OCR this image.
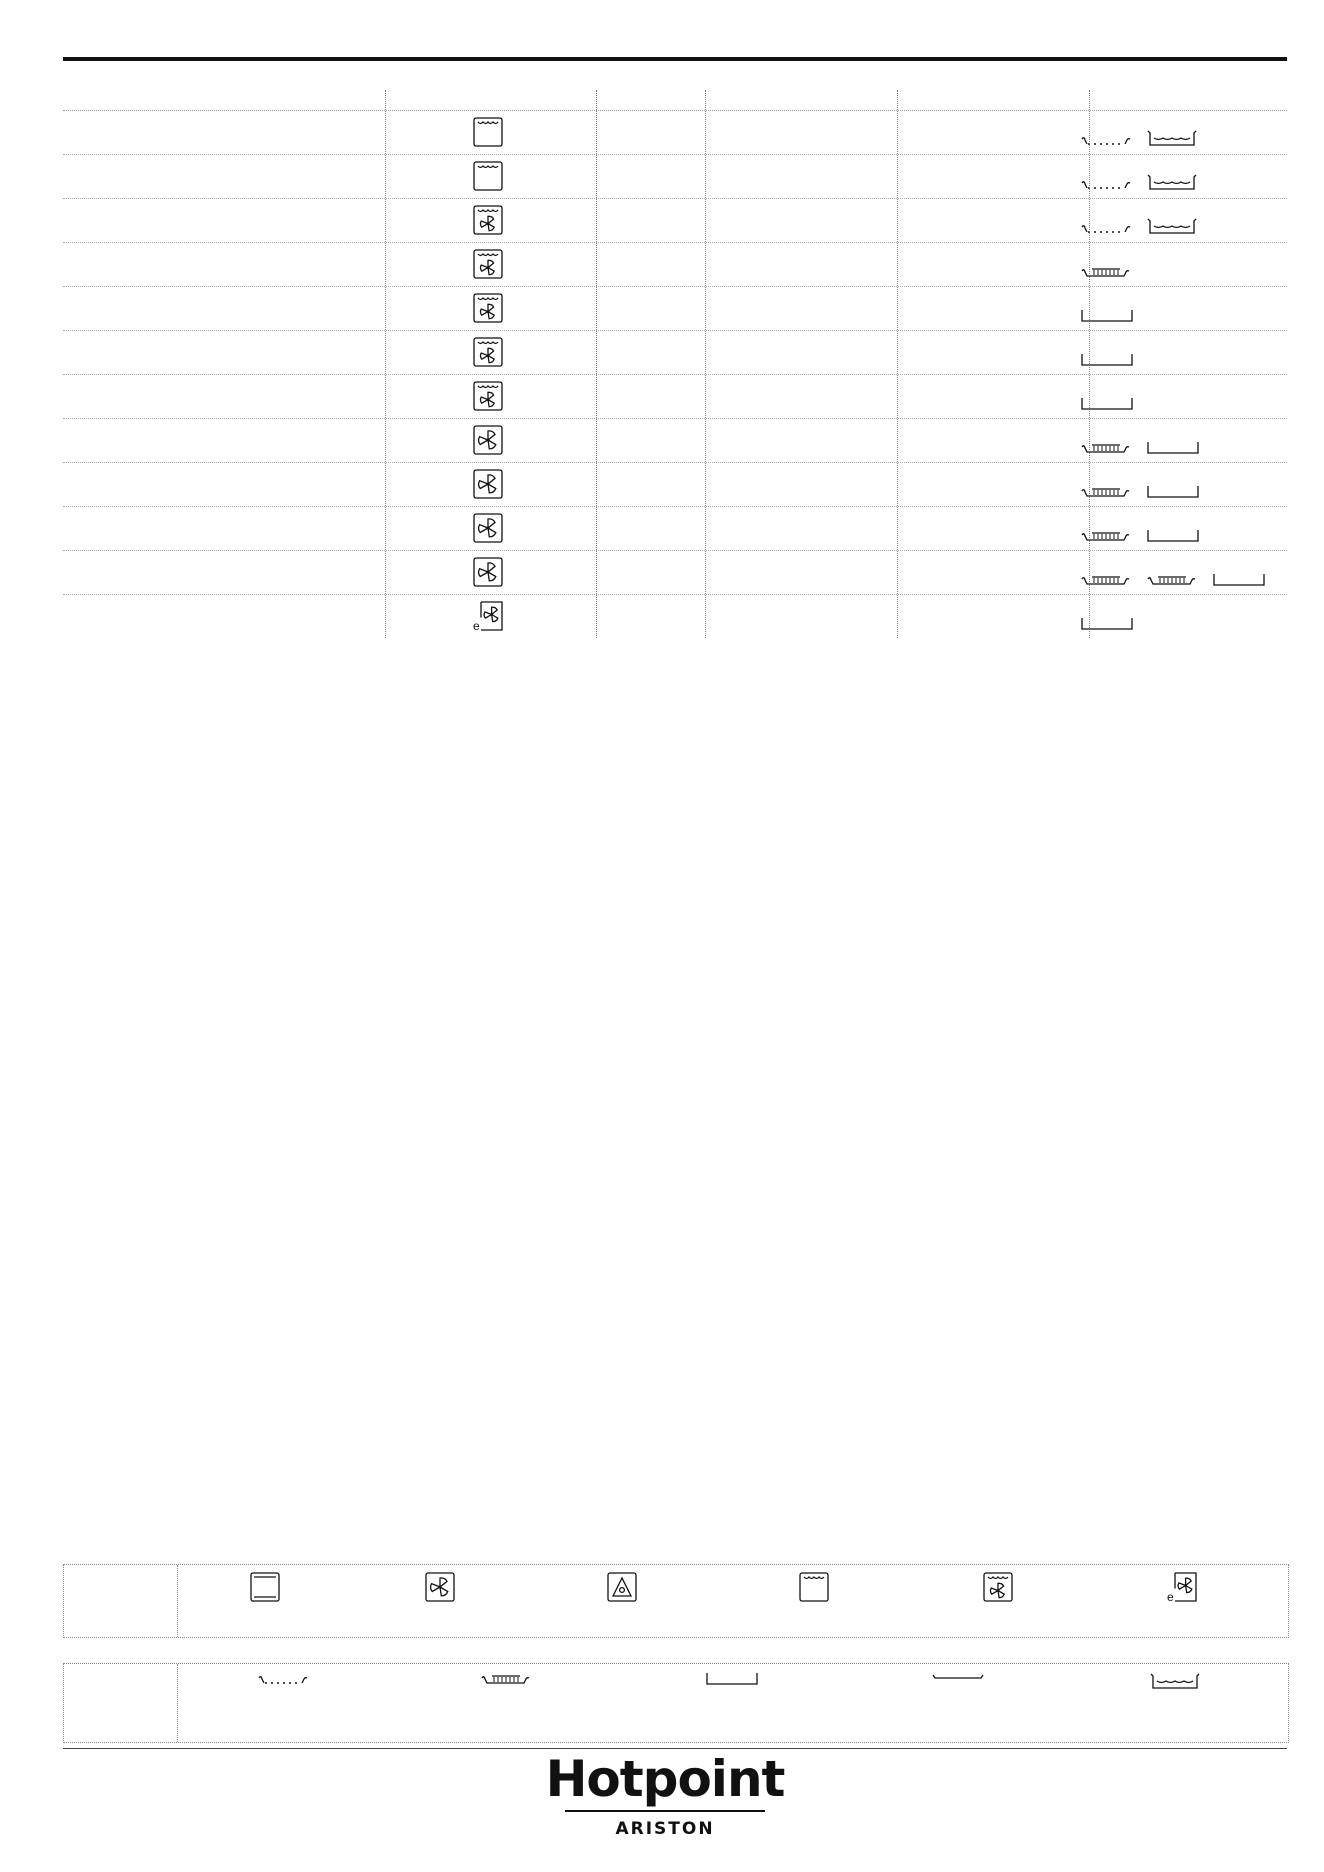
e
e
Hotpoint
ARISTON
